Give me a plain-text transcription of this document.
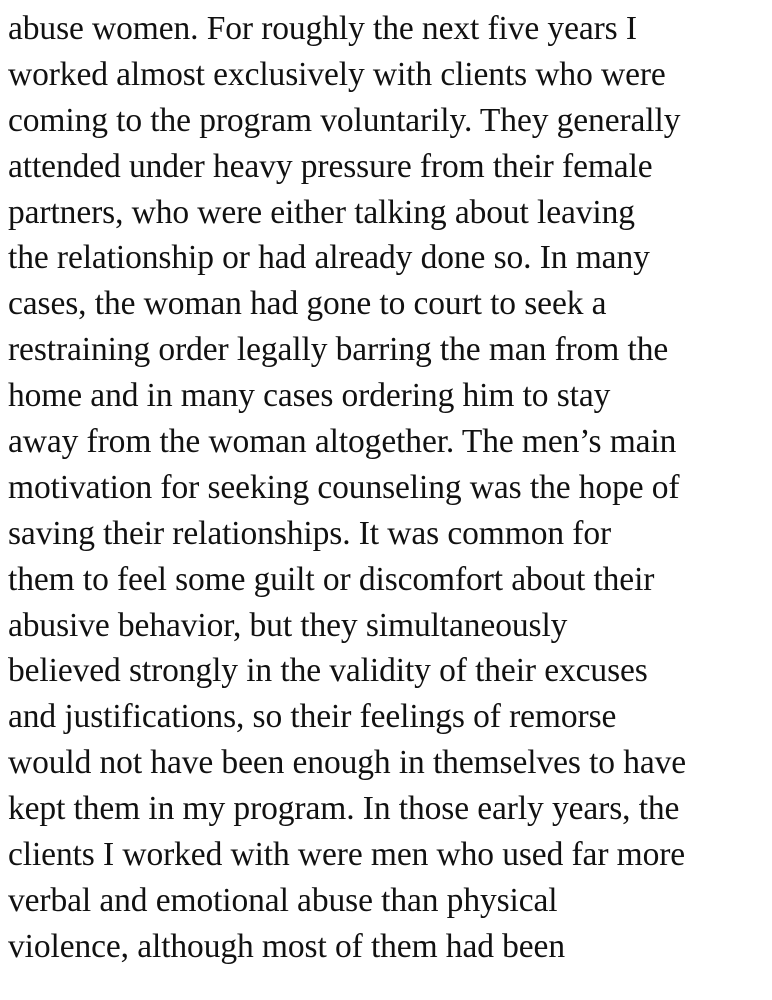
abuse women. For roughly the next five years I
worked almost exclusively with clients who were
coming to the program voluntarily. They generally
attended under heavy pressure from their female
partners, who were either talking about leaving
the relationship or had already done so. In many
cases, the woman had gone to court to seek a
restraining order legally barring the man from the
home and in many cases ordering him to stay
away from the woman altogether. The men’s main
motivation for seeking counseling was the hope of
saving their relationships. It was common for
them to feel some guilt or discomfort about their
abusive behavior, but they simultaneously
believed strongly in the validity of their excuses
and justifications, so their feelings of remorse
would not have been enough in themselves to have
kept them in my program. In those early years, the
clients I worked with were men who used far more
verbal and emotional abuse than physical
violence, although most of them had been
